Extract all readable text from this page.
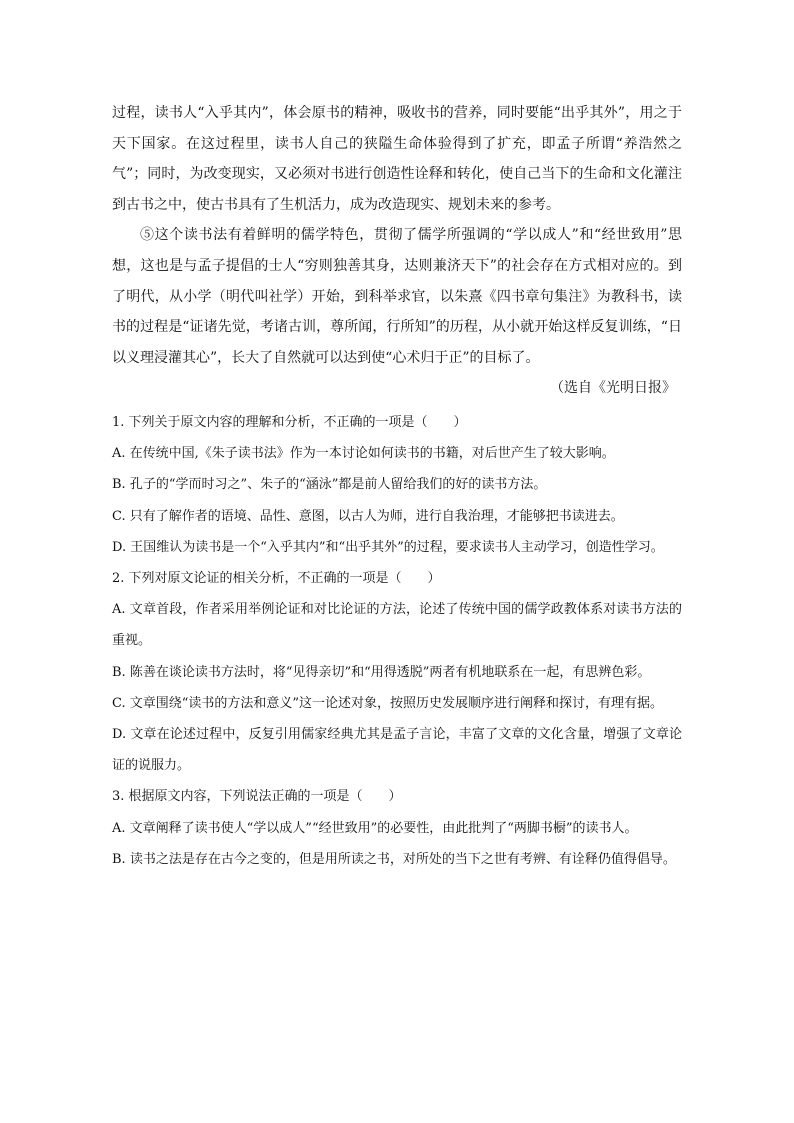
过程，读书人“入乎其内”，体会原书的精神，吸收书的营养，同时要能“出乎其外”，用之于天下国家。在这过程里，读书人自己的狭隘生命体验得到了扩充，即孟子所谓“养浩然之气”；同时，为改变现实，又必须对书进行创造性诠释和转化，使自己当下的生命和文化灌注到古书之中，使古书具有了生机活力，成为改造现实、规划未来的参考。

⑤这个读书法有着鲜明的儒学特色，贯彻了儒学所强调的“学以成人”和“经世致用”思想，这也是与孟子提倡的士人“穷则独善其身，达则兼济天下”的社会存在方式相对应的。到了明代，从小学（明代叫社学）开始，到科举求官，以朱熹《四书章句集注》为教科书，读书的过程是“证诸先觉，考诸古训，尊所闻，行所知”的历程，从小就开始这样反复训练，“日以义理浸灌其心”，长大了自然就可以达到使“心术归于正”的目标了。

（选自《光明日报》

1. 下列关于原文内容的理解和分析，不正确的一项是（　　）

A. 在传统中国,《朱子读书法》作为一本讨论如何读书的书籍，对后世产生了较大影响。

B. 孔子的“学而时习之”、朱子的“涵泳”都是前人留给我们的好的读书方法。

C. 只有了解作者的语境、品性、意图，以古人为师，进行自我治理，才能够把书读进去。

D. 王国维认为读书是一个“入乎其内”和“出乎其外”的过程，要求读书人主动学习，创造性学习。

2. 下列对原文论证的相关分析，不正确的一项是（　　）

A. 文章首段，作者采用举例论证和对比论证的方法，论述了传统中国的儒学政教体系对读书方法的重视。

B. 陈善在谈论读书方法时，将“见得亲切”和“用得透脱”两者有机地联系在一起，有思辨色彩。

C. 文章围绕“读书的方法和意义”这一论述对象，按照历史发展顺序进行阐释和探讨，有理有据。

D. 文章在论述过程中，反复引用儒家经典尤其是孟子言论，丰富了文章的文化含量，增强了文章论证的说服力。

3. 根据原文内容，下列说法正确的一项是（　　）

A. 文章阐释了读书使人“学以成人”“经世致用”的必要性，由此批判了“两脚书橱”的读书人。

B. 读书之法是存在古今之变的，但是用所读之书，对所处的当下之世有考辨、有诠释仍值得倡导。
